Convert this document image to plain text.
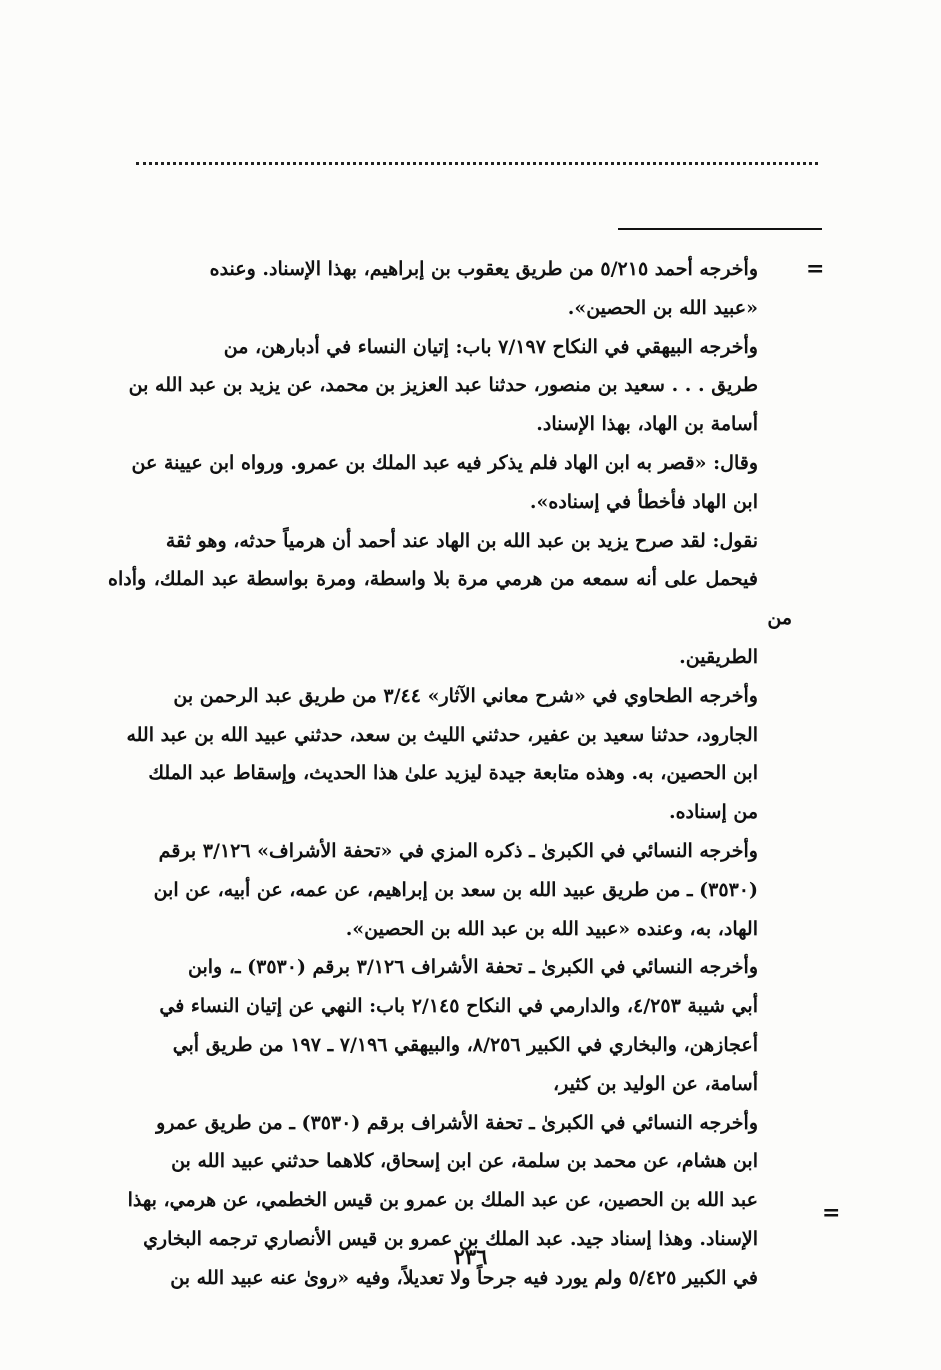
=

وأخرجه أحمد ٥/٢١٥ من طريق يعقوب بن إبراهيم، بهذا الإسناد. وعنده
«عبيد الله بن الحصين».

وأخرجه البيهقي في النكاح ٧/١٩٧ باب: إتيان النساء في أدبارهن، من
طريق . . . سعيد بن منصور، حدثنا عبد العزيز بن محمد، عن يزيد بن عبد الله بن
أسامة بن الهاد، بهذا الإسناد.

وقال: «قصر به ابن الهاد فلم يذكر فيه عبد الملك بن عمرو. ورواه ابن عيينة عن
ابن الهاد فأخطأ في إسناده».

نقول: لقد صرح يزيد بن عبد الله بن الهاد عند أحمد أن هرمياً حدثه، وهو ثقة
فيحمل على أنه سمعه من هرمي مرة بلا واسطة، ومرة بواسطة عبد الملك، وأداه من
الطريقين.

وأخرجه الطحاوي في «شرح معاني الآثار» ٣/٤٤ من طريق عبد الرحمن بن
الجارود، حدثنا سعيد بن عفير، حدثني الليث بن سعد، حدثني عبيد الله بن عبد الله
ابن الحصين، به. وهذه متابعة جيدة ليزيد علىٰ هذا الحديث، وإسقاط عبد الملك
من إسناده.

وأخرجه النسائي في الكبرىٰ ـ ذكره المزي في «تحفة الأشراف» ٣/١٢٦ برقم
(٣٥٣٠) ـ من طريق عبيد الله بن سعد بن إبراهيم، عن عمه، عن أبيه، عن ابن
الهاد، به، وعنده «عبيد الله بن عبد الله بن الحصين».

وأخرجه النسائي في الكبرىٰ ـ تحفة الأشراف ٣/١٢٦ برقم (٣٥٣٠) ـ، وابن
أبي شيبة ٤/٢٥٣، والدارمي في النكاح ٢/١٤٥ باب: النهي عن إتيان النساء في
أعجازهن، والبخاري في الكبير ٨/٢٥٦، والبيهقي ٧/١٩٦ ـ ١٩٧ من طريق أبي
أسامة، عن الوليد بن كثير،

وأخرجه النسائي في الكبرىٰ ـ تحفة الأشراف برقم (٣٥٣٠) ـ من طريق عمرو
ابن هشام، عن محمد بن سلمة، عن ابن إسحاق، كلاهما حدثني عبيد الله بن
عبد الله بن الحصين، عن عبد الملك بن عمرو بن قيس الخطمي، عن هرمي، بهذا
الإسناد. وهذا إسناد جيد. عبد الملك بن عمرو بن قيس الأنصاري ترجمه البخاري
في الكبير ٥/٤٢٥ ولم يورد فيه جرحاً ولا تعديلاً، وفيه «روىٰ عنه عبيد الله بن

=
٢٣٦
